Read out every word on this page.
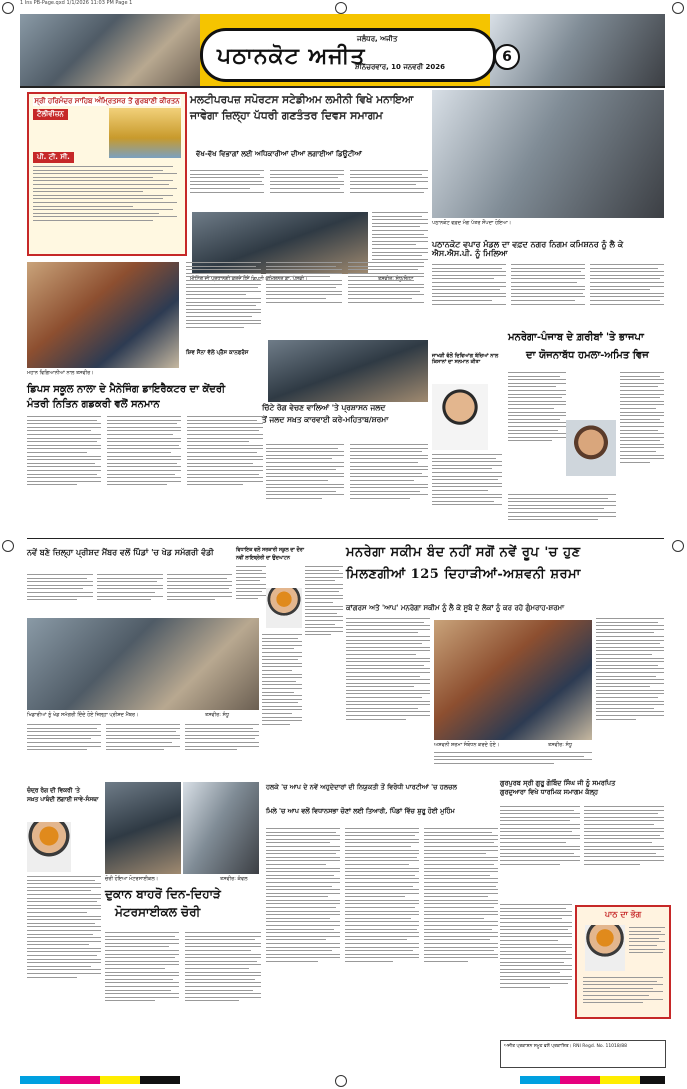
1 Ins PB-Page.qxd 1/1/2026 11:03 PM Page 1
ਪਠਾਨਕੋਟ ਅਜੀਤ
ਜਲੰਧਰ, ਅਜੀਤ
ਸ਼ਨਿੱਚਰਵਾਰ, 10 ਜਨਵਰੀ 2026
6
ਸ੍ਰੀ ਹਰਿਮੰਦਰ ਸਾਹਿਬ ਅੰਮ੍ਰਿਤਸਰ ਤੋਂ ਗੁਰਬਾਣੀ ਕੀਰਤਨ
ਟੈਲੀਵੀਜ਼ਨ
ਪੀ. ਟੀ. ਸੀ.
ਮਲਟੀਪਰਪਜ਼ ਸਪੋਰਟਸ ਸਟੇਡੀਅਮ ਲਮੀਨੀ ਵਿਖੇ ਮਨਾਇਆ
ਜਾਵੇਗਾ ਜ਼ਿਲ੍ਹਾ ਪੱਧਰੀ ਗਣਤੰਤਰ ਦਿਵਸ ਸਮਾਗਮ
ਵੱਖ-ਵੱਖ ਵਿਭਾਗਾਂ ਲਈ ਅਧਿਕਾਰੀਆਂ ਦੀਆਂ ਲਗਾਈਆਂ ਡਿਊਟੀਆਂ
ਪਠਾਨਕੋਟ ਵਫ਼ਦ ਮੰਗ ਪੱਤਰ ਸੌਂਪਦਾ ਹੋਇਆ।
ਪਠਾਨਕੋਟ ਵਪਾਰ ਮੰਡਲ ਦਾ ਵਫ਼ਦ ਨਗਰ ਨਿਗਮ ਕਮਿਸ਼ਨਰ ਨੂੰ ਲੈ ਕੇ ਐਸ.ਐਸ.ਪੀ. ਨੂੰ ਮਿਲਿਆ
ਮਹਾਨ ਵਿਗਿਆਨੀਆਂ ਨਾਲ ਤਸਵੀਰ।
ਡਿਪਸ ਸਕੂਲ ਨਾਲਾ ਦੇ ਮੈਨੇਜਿੰਗ ਡਾਇਰੈਕਟਰ ਦਾ ਕੇਂਦਰੀ
ਮੰਤਰੀ ਨਿਤਿਨ ਗਡਕਰੀ ਵਲੋਂ ਸਨਮਾਨ
ਸ਼ਿਵ ਸੈਨਾ ਵੱਲੋਂ ਪ੍ਰੈਸ ਕਾਨਫਰੰਸ
ਚਿੱਟੇ ਰੋਗ ਵੇਚਣ ਵਾਲਿਆਂ 'ਤੇ ਪ੍ਰਸ਼ਾਸਨ ਜਲਦ
ਤੋਂ ਜਲਦ ਸਖ਼ਤ ਕਾਰਵਾਈ ਕਰੇ-ਮਹਿਤਾਬ/ਸ਼ਰਮਾ
ਜਾਖੜੀ ਵੱਲੋਂ ਦਿਵਿਆਂਗ ਬੱਚਿਆਂ ਨਾਲ ਕਿਸਾਨਾਂ ਦਾ ਸਨਮਾਨ ਕੀਤਾ
ਮਨਰੇਗਾ-ਪੰਜਾਬ ਦੇ ਗ਼ਰੀਬਾਂ 'ਤੇ ਭਾਜਪਾ
ਦਾ ਯੋਜਨਾਬੱਧ ਹਮਲਾ-ਅਮਿਤ ਵਿਜ
ਨਵੇਂ ਬਣੇ ਜ਼ਿਲ੍ਹਾ ਪ੍ਰੀਸ਼ਦ ਮੈਂਬਰ ਵਲੋਂ ਪਿੰਡਾਂ 'ਚ ਖੇਡ ਸਮੱਗਰੀ ਵੰਡੀ
ਖਿਡਾਰੀਆਂ ਨੂੰ ਖੇਡ ਸਮੱਗਰੀ ਦਿੰਦੇ ਹੋਏ ਜ਼ਿਲ੍ਹਾ ਪ੍ਰੀਸ਼ਦ ਮੈਂਬਰ।	ਤਸਵੀਰ: ਸੰਧੂ
ਵਿਧਾਇਕ ਵਲੋਂ ਸਰਕਾਰੀ ਸਕੂਲ ਦਾ ਦੌਰਾ
ਨਵੀਂ ਲਾਇਬ੍ਰੇਰੀ ਦਾ ਉਦਘਾਟਨ	ਮਨਰੇਗਾ ਸਕੀਮ ਬੰਦ ਨਹੀਂ ਸਗੋਂ ਨਵੇਂ ਰੂਪ 'ਚ ਹੁਣ
ਮਿਲਣਗੀਆਂ 125 ਦਿਹਾੜੀਆਂ-ਅਸ਼ਵਨੀ ਸ਼ਰਮਾ
ਕਾਂਗਰਸ ਅਤੇ 'ਆਪ' ਮਨਰੇਗਾ ਸਕੀਮ ਨੂੰ ਲੈ ਕੇ ਸੂਬੇ ਦੇ ਲੋਕਾਂ ਨੂੰ ਕਰ ਰਹੇ ਗੁੰਮਰਾਹ-ਸ਼ਰਮਾ
ਅਸ਼ਵਨੀ ਸ਼ਰਮਾ ਸੰਬੋਧਨ ਕਰਦੇ ਹੋਏ।	ਤਸਵੀਰ: ਸੰਧੂ
ਗੁਰਪੁਰਬ ਸ੍ਰੀ ਗੁਰੂ ਗੋਬਿੰਦ ਸਿੰਘ ਜੀ ਨੂੰ ਸਮਰਪਿਤ
ਗੁਰਦੁਆਰਾ ਵਿਖੇ ਧਾਰਮਿਕ ਸਮਾਗਮ ਕੱਲ੍ਹ
ਚੰਦ੍ਰ ਰੋਗ ਦੀ ਵਿਕਰੀ 'ਤੇ
ਸਖ਼ਤ ਪਾਬੰਦੀ ਲਗਾਈ ਜਾਵੇ-ਸੰਸਥਾ
ਚੋਰੀ ਹੋਇਆ ਮੋਟਰਸਾਈਕਲ।	ਤਸਵੀਰ: ਕੰਵਲ
ਦੁਕਾਨ ਬਾਹਰੋਂ ਦਿਨ-ਦਿਹਾੜੇ
ਮੋਟਰਸਾਈਕਲ ਚੋਰੀ
ਹਲਕੇ 'ਚ ਆਪ ਦੇ ਨਵੇਂ ਅਹੁਦੇਦਾਰਾਂ ਦੀ ਨਿਯੁਕਤੀ ਤੋਂ ਵਿਰੋਧੀ ਪਾਰਟੀਆਂ 'ਚ ਹਲਚਲ
ਮਿਲੇ 'ਚ ਆਪ ਵਲੋਂ ਵਿਧਾਨਸਭਾ ਚੋਣਾਂ ਲਈ ਤਿਆਰੀ, ਪਿੰਡਾਂ ਵਿੱਚ ਸ਼ੁਰੂ ਹੋਈ ਮੁਹਿੰਮ
ਪਾਠ ਦਾ ਭੋਗ
ਅਜੀਤ ਪ੍ਰਕਾਸ਼ਨ ਸਮੂਹ ਵਲੋਂ ਪ੍ਰਕਾਸ਼ਿਤ। RNI Regd. No. 11018/88
